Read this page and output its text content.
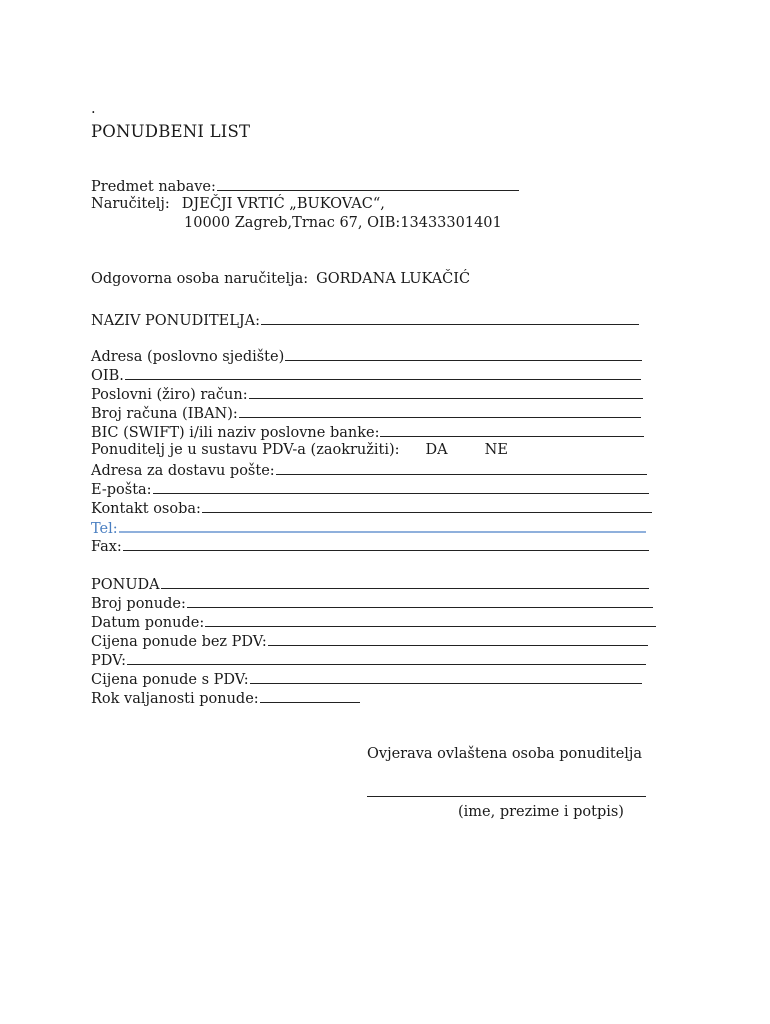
.
PONUDBENI LIST
Predmet nabave:
Naručitelj: DJEČJI VRTIĆ „BUKOVAC“,
10000 Zagreb,Trnac 67, OIB:13433301401
Odgovorna osoba naručitelja: GORDANA LUKAČIĆ
NAZIV PONUDITELJA:
Adresa (poslovno sjedište)
OIB.
Poslovni (žiro) račun:
Broj računa (IBAN):
BIC (SWIFT) i/ili naziv poslovne banke:
Ponuditelj je u sustavu PDV-a (zaokružiti): DA	NE
Adresa za dostavu pošte:
E-pošta:
Kontakt osoba:
Tel:
Fax:
PONUDA
Broj ponude:
Datum ponude:
Cijena ponude bez PDV:
PDV:
Cijena ponude s PDV:
Rok valjanosti ponude:
Ovjerava ovlaštena osoba ponuditelja
(ime, prezime i potpis)
